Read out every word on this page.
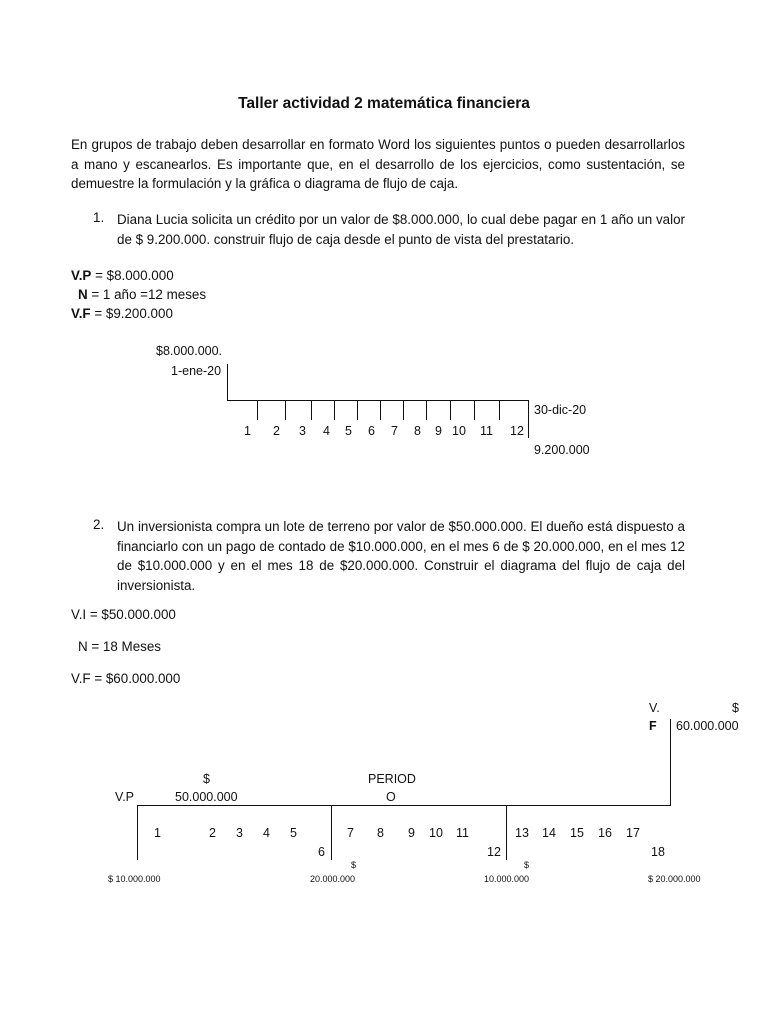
Taller actividad 2 matemática financiera
En grupos de trabajo deben desarrollar en formato Word los siguientes puntos o pueden desarrollarlos a mano y escanearlos. Es importante que, en el desarrollo de los ejercicios, como sustentación, se demuestre la formulación y la gráfica o diagrama de flujo de caja.
1. Diana Lucia solicita un crédito por un valor de $8.000.000, lo cual debe pagar en 1 año un valor de $ 9.200.000. construir flujo de caja desde el punto de vista del prestatario.
V.P = $8.000.000
N = 1 año =12 meses
V.F = $9.200.000
$8.000.000.
1-ene-20
1 2 3 4 5 6 7 8 9 10 11 12
30-dic-20
9.200.000
2. Un inversionista compra un lote de terreno por valor de $50.000.000. El dueño está dispuesto a financiarlo con un pago de contado de $10.000.000, en el mes 6 de $ 20.000.000, en el mes 12 de $10.000.000 y en el mes 18 de $20.000.000. Construir el diagrama del flujo de caja del inversionista.
V.I = $50.000.000
N = 18 Meses
V.F = $60.000.000
V.	$
F 60.000.000
$
V.P	50.000.000
PERIOD
O
1	2 3 4 5	7 8 9 10 11	13 14 15 16 17
6	12	18
$ 10.000.000
$
20.000.000
$
10.000.000	$ 20.000.000
